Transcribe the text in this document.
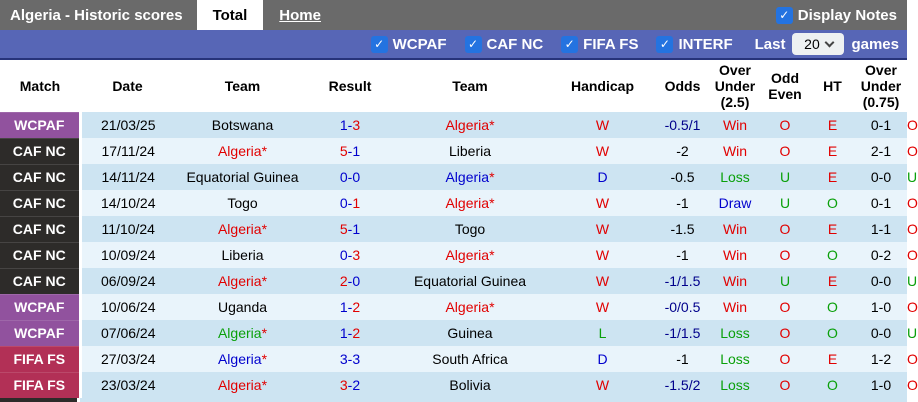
Algeria - Historic scores	Total Home	✓ Display Notes
✓ WCPAF ✓ CAF NC ✓ FIFA FS ✓ INTERF Last 20 games
Match	Date	Team	Result	Team	Handicap	Odds	Over Under (2.5)	Odd Even	HT	Over Under (0.75)	
WCPAF	21/03/25	Botswana	1-3	Algeria*	W	-0.5/1	Win	O	E	0-1	O
CAF NC	17/11/24	Algeria*	5-1	Liberia	W	-2	Win	O	E	2-1	O
CAF NC	14/11/24	Equatorial Guinea	0-0	Algeria*	D	-0.5	Loss	U	E	0-0	U
CAF NC	14/10/24	Togo	0-1	Algeria*	W	-1	Draw	U	O	0-1	O
CAF NC	11/10/24	Algeria*	5-1	Togo	W	-1.5	Win	O	E	1-1	O
CAF NC	10/09/24	Liberia	0-3	Algeria*	W	-1	Win	O	O	0-2	O
CAF NC	06/09/24	Algeria*	2-0	Equatorial Guinea	W	-1/1.5	Win	U	E	0-0	U
WCPAF	10/06/24	Uganda	1-2	Algeria*	W	-0/0.5	Win	O	O	1-0	O
WCPAF	07/06/24	Algeria*	1-2	Guinea	L	-1/1.5	Loss	O	O	0-0	U
FIFA FS	27/03/24	Algeria*	3-3	South Africa	D	-1	Loss	O	E	1-2	O
FIFA FS	23/03/24	Algeria*	3-2	Bolivia	W	-1.5/2	Loss	O	O	1-0	O
